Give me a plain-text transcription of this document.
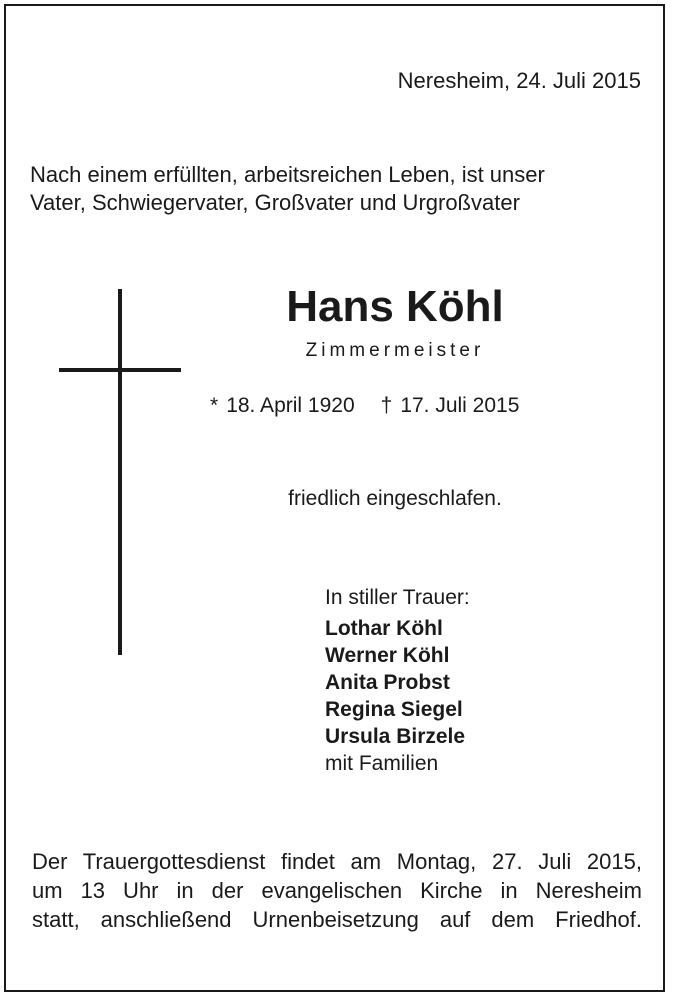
Neresheim, 24. Juli 2015
Nach einem erfüllten, arbeitsreichen Leben, ist unser
Vater, Schwiegervater, Großvater und Urgroßvater
Hans Köhl
Zimmermeister
* 18. April 1920 † 17. Juli 2015
friedlich eingeschlafen.
In stiller Trauer:
Lothar Köhl
Werner Köhl
Anita Probst
Regina Siegel
Ursula Birzele
mit Familien
Der Trauergottesdienst findet am Montag, 27. Juli 2015,
um 13 Uhr in der evangelischen Kirche in Neresheim
statt, anschließend Urnenbeisetzung auf dem Friedhof.
